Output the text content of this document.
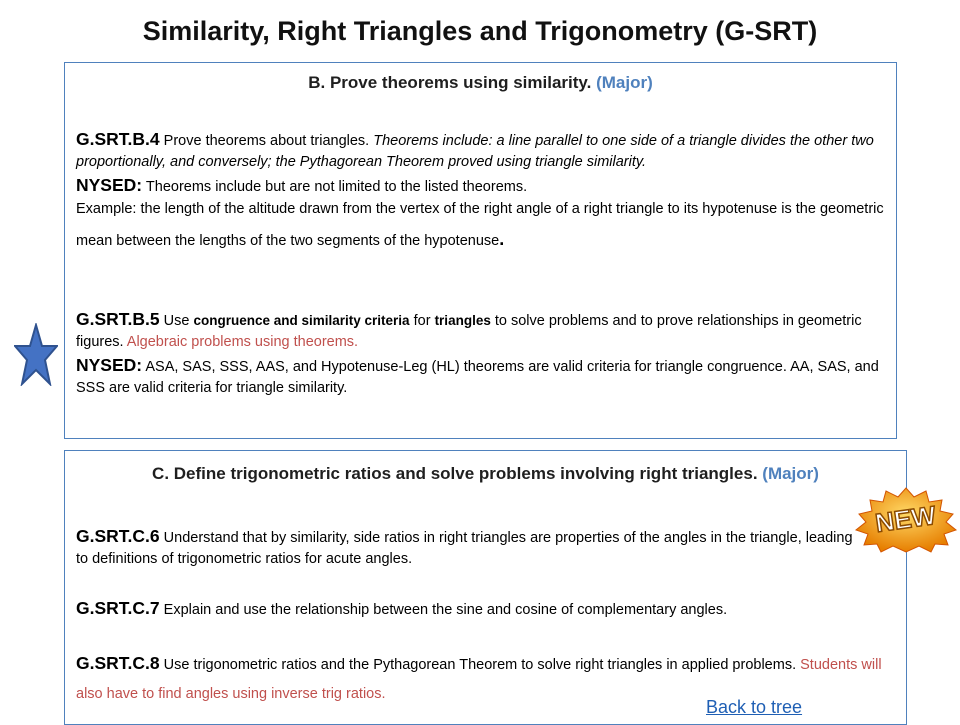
Similarity, Right Triangles and Trigonometry (G-SRT)
B. Prove theorems using similarity. (Major)
G.SRT.B.4 Prove theorems about triangles. Theorems include: a line parallel to one side of a triangle divides the other two proportionally, and conversely; the Pythagorean Theorem proved using triangle similarity.
NYSED: Theorems include but are not limited to the listed theorems.
Example: the length of the altitude drawn from the vertex of the right angle of a right triangle to its hypotenuse is the geometric mean between the lengths of the two segments of the hypotenuse.
G.SRT.B.5 Use congruence and similarity criteria for triangles to solve problems and to prove relationships in geometric figures. Algebraic problems using theorems.
NYSED: ASA, SAS, SSS, AAS, and Hypotenuse-Leg (HL) theorems are valid criteria for triangle congruence. AA, SAS, and SSS are valid criteria for triangle similarity.
C. Define trigonometric ratios and solve problems involving right triangles. (Major)
G.SRT.C.6 Understand that by similarity, side ratios in right triangles are properties of the angles in the triangle, leading to definitions of trigonometric ratios for acute angles.
G.SRT.C.7 Explain and use the relationship between the sine and cosine of complementary angles.
G.SRT.C.8 Use trigonometric ratios and the Pythagorean Theorem to solve right triangles in applied problems. Students will also have to find angles using inverse trig ratios.
NEW
Back to tree
